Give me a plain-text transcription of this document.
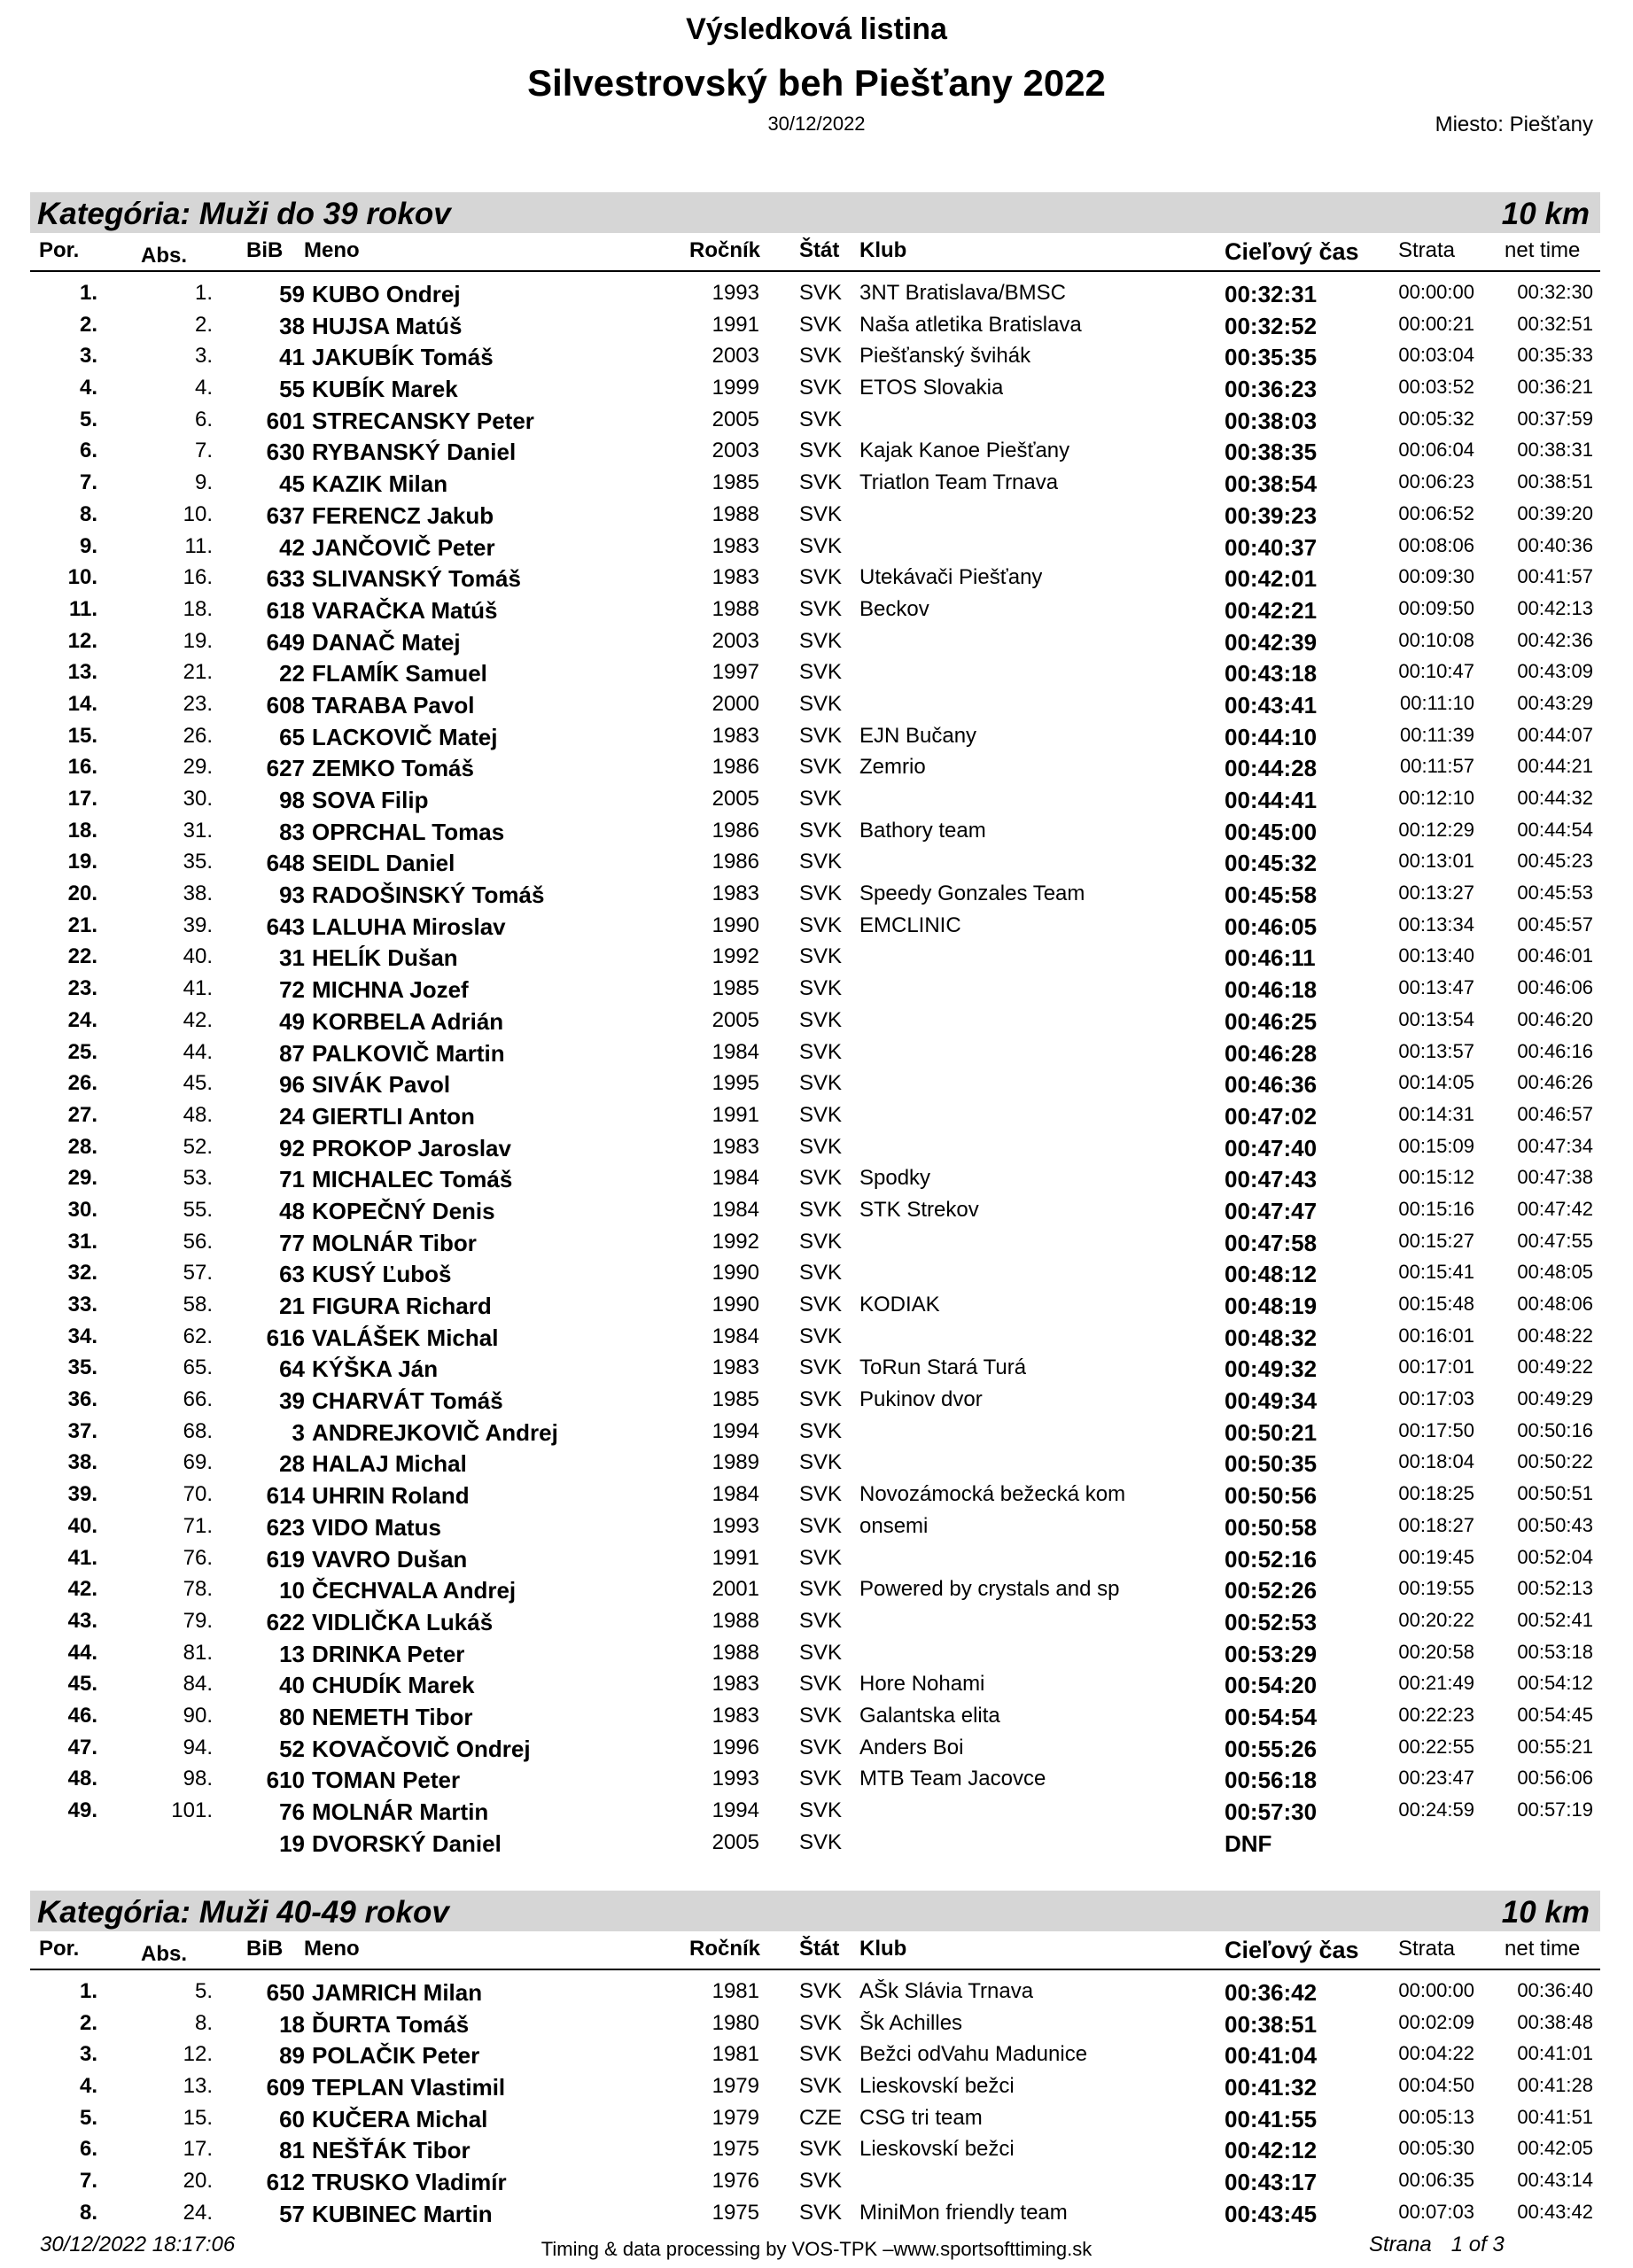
Výsledková listina
Silvestrovský beh Piešťany 2022
30/12/2022	Miesto: Piešťany
Kategória: Muži do 39 rokov	10 km
Por.	Abs.	BiB Meno	Ročník Štát Klub	Cieľový čas Strata net time
1.	1.	59 KUBO Ondrej	1993 SVK 3NT Bratislava/BMSC	00:32:31	00:00:00	00:32:30
2.	2.	38 HUJSA Matúš	1991 SVK Naša atletika Bratislava	00:32:52	00:00:21	00:32:51
3.	3.	41 JAKUBÍK Tomáš	2003 SVK Piešťanský švihák	00:35:35	00:03:04	00:35:33
4.	4.	55 KUBÍK Marek	1999 SVK ETOS Slovakia	00:36:23	00:03:52	00:36:21
5.	6.	601 STRECANSKY Peter	2005 SVK	00:38:03	00:05:32	00:37:59
6.	7.	630 RYBANSKÝ Daniel	2003 SVK Kajak Kanoe Piešťany	00:38:35	00:06:04	00:38:31
7.	9.	45 KAZIK Milan	1985 SVK Triatlon Team Trnava	00:38:54	00:06:23	00:38:51
8.	10.	637 FERENCZ Jakub	1988 SVK	00:39:23	00:06:52	00:39:20
9.	11.	42 JANČOVIČ Peter	1983 SVK	00:40:37	00:08:06	00:40:36
10.	16.	633 SLIVANSKÝ Tomáš	1983 SVK Utekávači Piešťany	00:42:01	00:09:30	00:41:57
11.	18.	618 VARAČKA Matúš	1988 SVK Beckov	00:42:21	00:09:50	00:42:13
12.	19.	649 DANAČ Matej	2003 SVK	00:42:39	00:10:08	00:42:36
13.	21.	22 FLAMÍK Samuel	1997 SVK	00:43:18	00:10:47	00:43:09
14.	23.	608 TARABA Pavol	2000 SVK	00:43:41	00:11:10	00:43:29
15.	26.	65 LACKOVIČ Matej	1983 SVK EJN Bučany	00:44:10	00:11:39	00:44:07
16.	29.	627 ZEMKO Tomáš	1986 SVK Zemrio	00:44:28	00:11:57	00:44:21
17.	30.	98 SOVA Filip	2005 SVK	00:44:41	00:12:10	00:44:32
18.	31.	83 OPRCHAL Tomas	1986 SVK Bathory team	00:45:00	00:12:29	00:44:54
19.	35.	648 SEIDL Daniel	1986 SVK	00:45:32	00:13:01	00:45:23
20.	38.	93 RADOŠINSKÝ Tomáš	1983 SVK Speedy Gonzales Team	00:45:58	00:13:27	00:45:53
21.	39.	643 LALUHA Miroslav	1990 SVK EMCLINIC	00:46:05	00:13:34	00:45:57
22.	40.	31 HELÍK Dušan	1992 SVK	00:46:11	00:13:40	00:46:01
23.	41.	72 MICHNA Jozef	1985 SVK	00:46:18	00:13:47	00:46:06
24.	42.	49 KORBELA Adrián	2005 SVK	00:46:25	00:13:54	00:46:20
25.	44.	87 PALKOVIČ Martin	1984 SVK	00:46:28	00:13:57	00:46:16
26.	45.	96 SIVÁK Pavol	1995 SVK	00:46:36	00:14:05	00:46:26
27.	48.	24 GIERTLI Anton	1991 SVK	00:47:02	00:14:31	00:46:57
28.	52.	92 PROKOP Jaroslav	1983 SVK	00:47:40	00:15:09	00:47:34
29.	53.	71 MICHALEC Tomáš	1984 SVK Spodky	00:47:43	00:15:12	00:47:38
30.	55.	48 KOPEČNÝ Denis	1984 SVK STK Strekov	00:47:47	00:15:16	00:47:42
31.	56.	77 MOLNÁR Tibor	1992 SVK	00:47:58	00:15:27	00:47:55
32.	57.	63 KUSÝ Ľuboš	1990 SVK	00:48:12	00:15:41	00:48:05
33.	58.	21 FIGURA Richard	1990 SVK KODIAK	00:48:19	00:15:48	00:48:06
34.	62.	616 VALÁŠEK Michal	1984 SVK	00:48:32	00:16:01	00:48:22
35.	65.	64 KÝŠKA Ján	1983 SVK ToRun Stará Turá	00:49:32	00:17:01	00:49:22
36.	66.	39 CHARVÁT Tomáš	1985 SVK Pukinov dvor	00:49:34	00:17:03	00:49:29
37.	68.	3 ANDREJKOVIČ Andrej	1994 SVK	00:50:21	00:17:50	00:50:16
38.	69.	28 HALAJ Michal	1989 SVK	00:50:35	00:18:04	00:50:22
39.	70.	614 UHRIN Roland	1984 SVK Novozámocká bežecká kom	00:50:56	00:18:25	00:50:51
40.	71.	623 VIDO Matus	1993 SVK onsemi	00:50:58	00:18:27	00:50:43
41.	76.	619 VAVRO Dušan	1991 SVK	00:52:16	00:19:45	00:52:04
42.	78.	10 ČECHVALA Andrej	2001 SVK Powered by crystals and sp	00:52:26	00:19:55	00:52:13
43.	79.	622 VIDLIČKA Lukáš	1988 SVK	00:52:53	00:20:22	00:52:41
44.	81.	13 DRINKA Peter	1988 SVK	00:53:29	00:20:58	00:53:18
45.	84.	40 CHUDÍK Marek	1983 SVK Hore Nohami	00:54:20	00:21:49	00:54:12
46.	90.	80 NEMETH Tibor	1983 SVK Galantska elita	00:54:54	00:22:23	00:54:45
47.	94.	52 KOVAČOVIČ Ondrej	1996 SVK Anders Boi	00:55:26	00:22:55	00:55:21
48.	98.	610 TOMAN Peter	1993 SVK MTB Team Jacovce	00:56:18	00:23:47	00:56:06
49.	101.	76 MOLNÁR Martin	1994 SVK	00:57:30	00:24:59	00:57:19
19 DVORSKÝ Daniel	2005 SVK	DNF
Kategória: Muži 40-49 rokov	10 km
Por.	Abs.	BiB Meno	Ročník Štát Klub	Cieľový čas Strata net time
1.	5.	650 JAMRICH Milan	1981 SVK AŠk Slávia Trnava	00:36:42	00:00:00	00:36:40
2.	8.	18 ĎURTA Tomáš	1980 SVK Šk Achilles	00:38:51	00:02:09	00:38:48
3.	12.	89 POLAČIK Peter	1981 SVK Bežci odVahu Madunice	00:41:04	00:04:22	00:41:01
4.	13.	609 TEPLAN Vlastimil	1979 SVK Lieskovskí bežci	00:41:32	00:04:50	00:41:28
5.	15.	60 KUČERA Michal	1979 CZE CSG tri team	00:41:55	00:05:13	00:41:51
6.	17.	81 NEŠŤÁK Tibor	1975 SVK Lieskovskí bežci	00:42:12	00:05:30	00:42:05
7.	20.	612 TRUSKO Vladimír	1976 SVK	00:43:17	00:06:35	00:43:14
8.	24.	57 KUBINEC Martin	1975 SVK MiniMon friendly team	00:43:45	00:07:03	00:43:42
30/12/2022 18:17:06	Timing & data processing by VOS-TPK –www.sportsofttiming.sk	Strana 1 of 3
